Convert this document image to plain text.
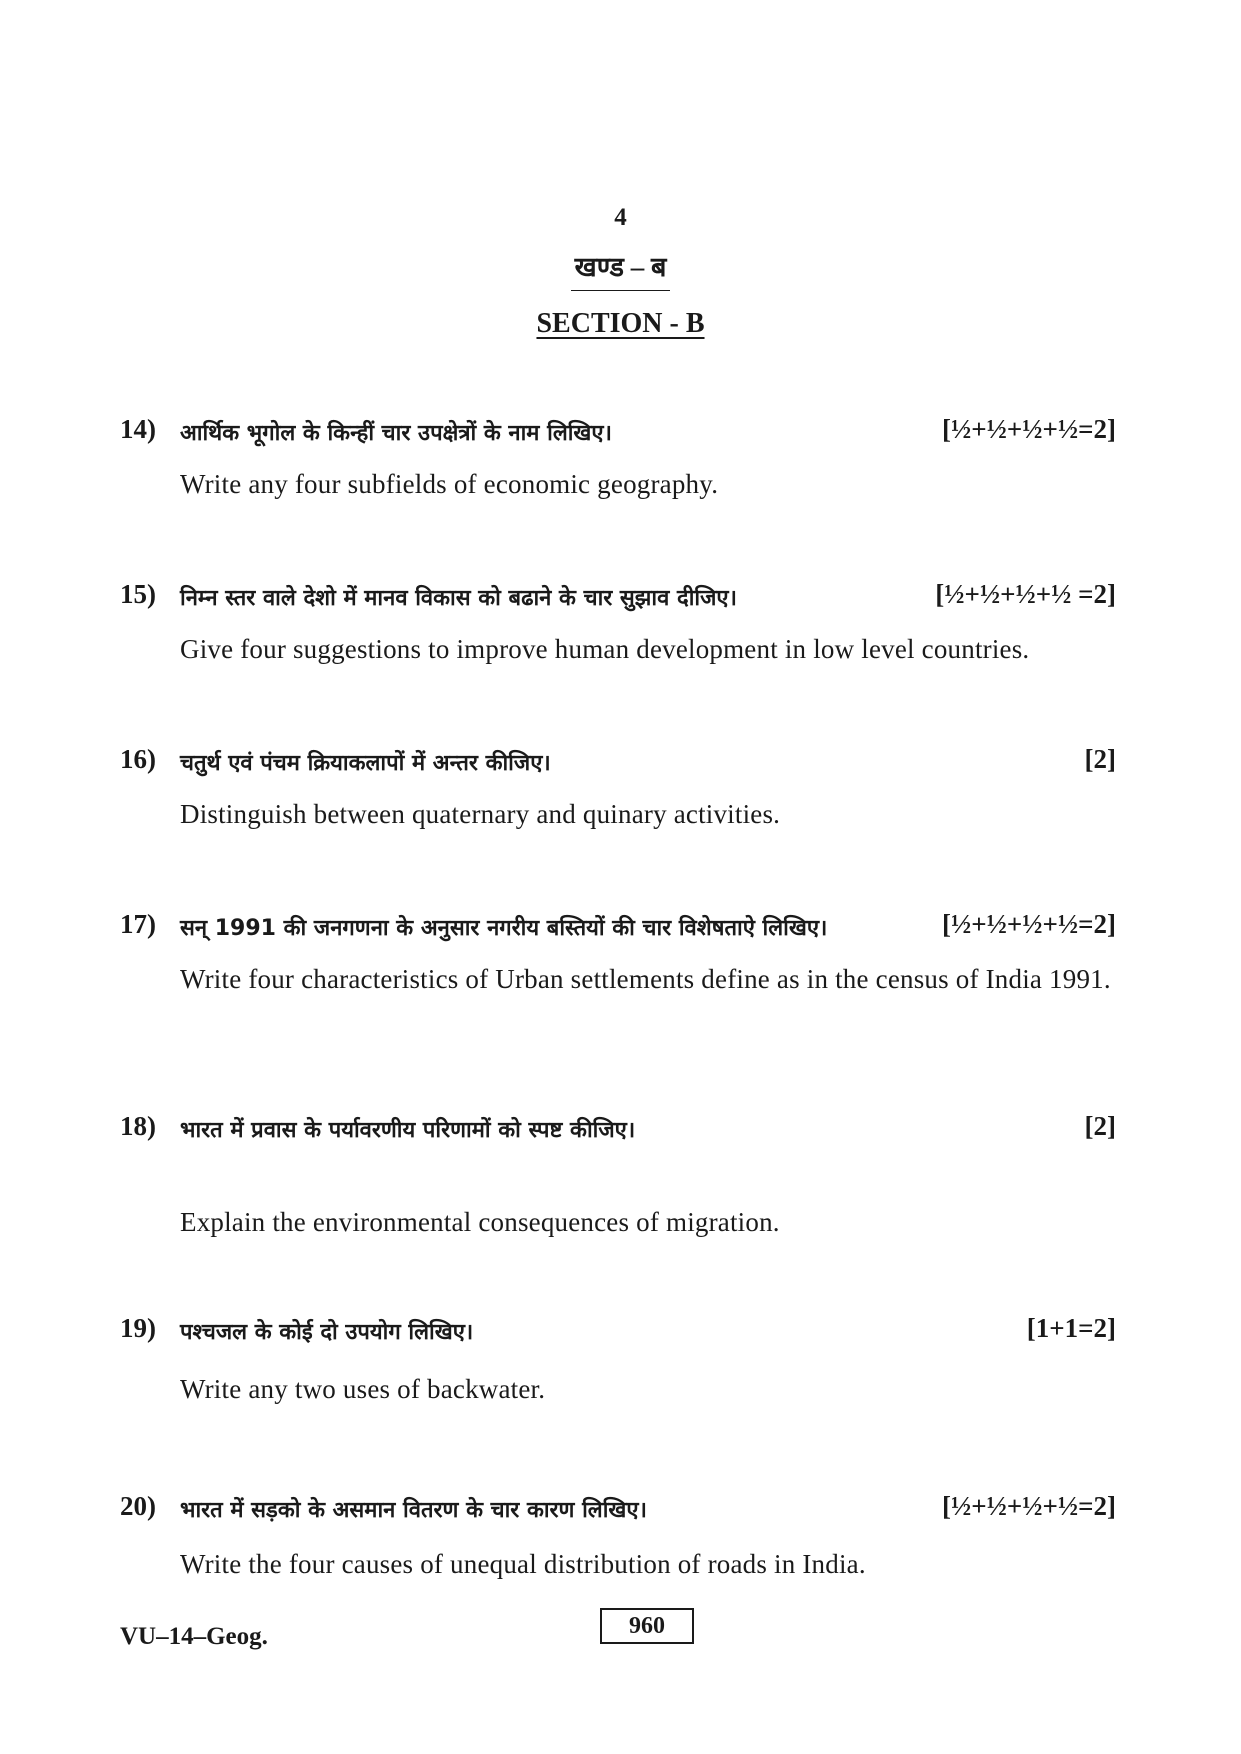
4
खण्ड – ब
SECTION - B
14) आर्थिक भूगोल के किन्हीं चार उपक्षेत्रों के नाम लिखिए।	[½+½+½+½=2]
Write any four subfields of economic geography.
15) निम्न स्तर वाले देशो में मानव विकास को बढाने के चार सुझाव दीजिए।	[½+½+½+½ =2]
Give four suggestions to improve human development in low level countries.
16) चतुर्थ एवं पंचम क्रियाकलापों में अन्तर कीजिए।	[2]
Distinguish between quaternary and quinary activities.
17) सन् 1991 की जनगणना के अनुसार नगरीय बस्तियों की चार विशेषताऐ लिखिए।	[½+½+½+½=2]
Write four characteristics of Urban settlements define as in the census of India 1991.
18) भारत में प्रवास के पर्यावरणीय परिणामों को स्पष्ट कीजिए।	[2]
Explain the environmental consequences of migration.
19) पश्चजल के कोई दो उपयोग लिखिए।	[1+1=2]
Write any two uses of backwater.
20) भारत में सड़को के असमान वितरण के चार कारण लिखिए।	[½+½+½+½=2]
Write the four causes of unequal distribution of roads in India.
VU–14–Geog.	960
